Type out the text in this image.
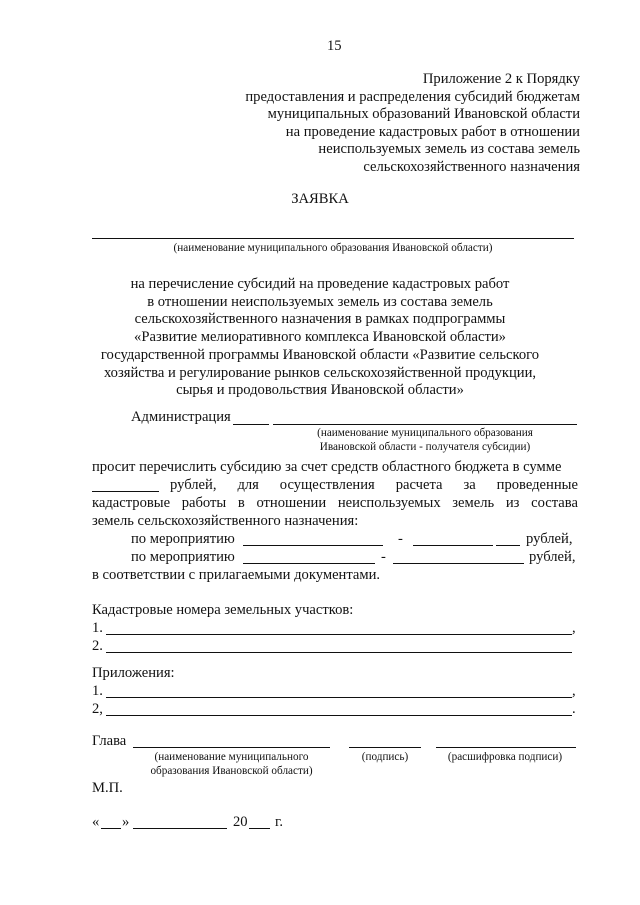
15
Приложение 2 к Порядку
предоставления и распределения субсидий бюджетам
муниципальных образований Ивановской области
на проведение кадастровых работ в отношении
неиспользуемых земель из состава земель
сельскохозяйственного назначения
ЗАЯВКА
(наименование муниципального образования Ивановской области)
на перечисление субсидий на проведение кадастровых работ
в отношении неиспользуемых земель из состава земель
сельскохозяйственного назначения в рамках подпрограммы
«Развитие мелиоративного комплекса Ивановской области»
государственной программы Ивановской области «Развитие сельского
хозяйства и регулирование рынков сельскохозяйственной продукции,
сырья и продовольствия Ивановской области»
Администрация
(наименование муниципального образования
Ивановской области - получателя субсидии)
просит перечислить субсидию за счет средств областного бюджета в сумме
рублей, для осуществления расчета за проведенные
кадастровые работы в отношении неиспользуемых земель из состава
земель сельскохозяйственного назначения:
по мероприятию	-	рублей,
по мероприятию	-	рублей,
в соответствии с прилагаемыми документами.
Кадастровые номера земельных участков:
1.	,
2.
Приложения:
1.	,
2,	.
Глава
(наименование муниципального
образования Ивановской области)
(подпись)	(расшифровка подписи)
М.П.
« »	20 г.
